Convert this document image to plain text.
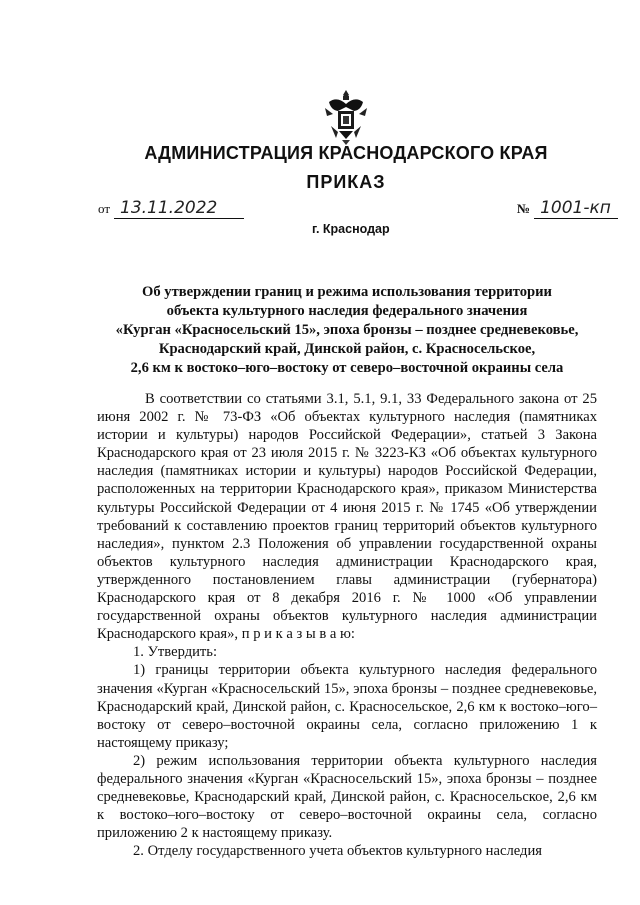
АДМИНИСТРАЦИЯ КРАСНОДАРСКОГО КРАЯ
ПРИКАЗ
от 13.11.2022	№ 1001-кп
г. Краснодар
Об утверждении границ и режима использования территории
объекта культурного наследия федерального значения
«Курган «Красносельский 15», эпоха бронзы – позднее средневековье,
Краснодарский край, Динской район, с. Красносельское,
2,6 км к востоко–юго–востоку от северо–восточной окраины села

В соответствии со статьями 3.1, 5.1, 9.1, 33 Федерального закона от 25 июня 2002 г. № 73-ФЗ «Об объектах культурного наследия (памятниках истории и культуры) народов Российской Федерации», статьей 3 Закона Краснодарского края от 23 июля 2015 г. № 3223-КЗ «Об объектах культурного наследия (памятниках истории и культуры) народов Российской Федерации, расположенных на территории Краснодарского края», приказом Министерства культуры Российской Федерации от 4 июня 2015 г. № 1745 «Об утверждении требований к составлению проектов границ территорий объектов культурного наследия», пунктом 2.3 Положения об управлении государственной охраны объектов культурного наследия администрации Краснодарского края, утвержденного постановлением главы администрации (губернатора) Краснодарского края от 8 декабря 2016 г. № 1000 «Об управлении государственной охраны объектов культурного наследия администрации Краснодарского края», п р и к а з ы в а ю:

1. Утвердить:

1) границы территории объекта культурного наследия федерального значения «Курган «Красносельский 15», эпоха бронзы – позднее средневековье, Краснодарский край, Динской район, с. Красносельское, 2,6 км к востоко–юго–востоку от северо–восточной окраины села, согласно приложению 1 к настоящему приказу;

2) режим использования территории объекта культурного наследия федерального значения «Курган «Красносельский 15», эпоха бронзы – позднее средневековье, Краснодарский край, Динской район, с. Красносельское, 2,6 км к востоко–юго–востоку от северо–восточной окраины села, согласно приложению 2 к настоящему приказу.

2. Отделу государственного учета объектов культурного наследия
